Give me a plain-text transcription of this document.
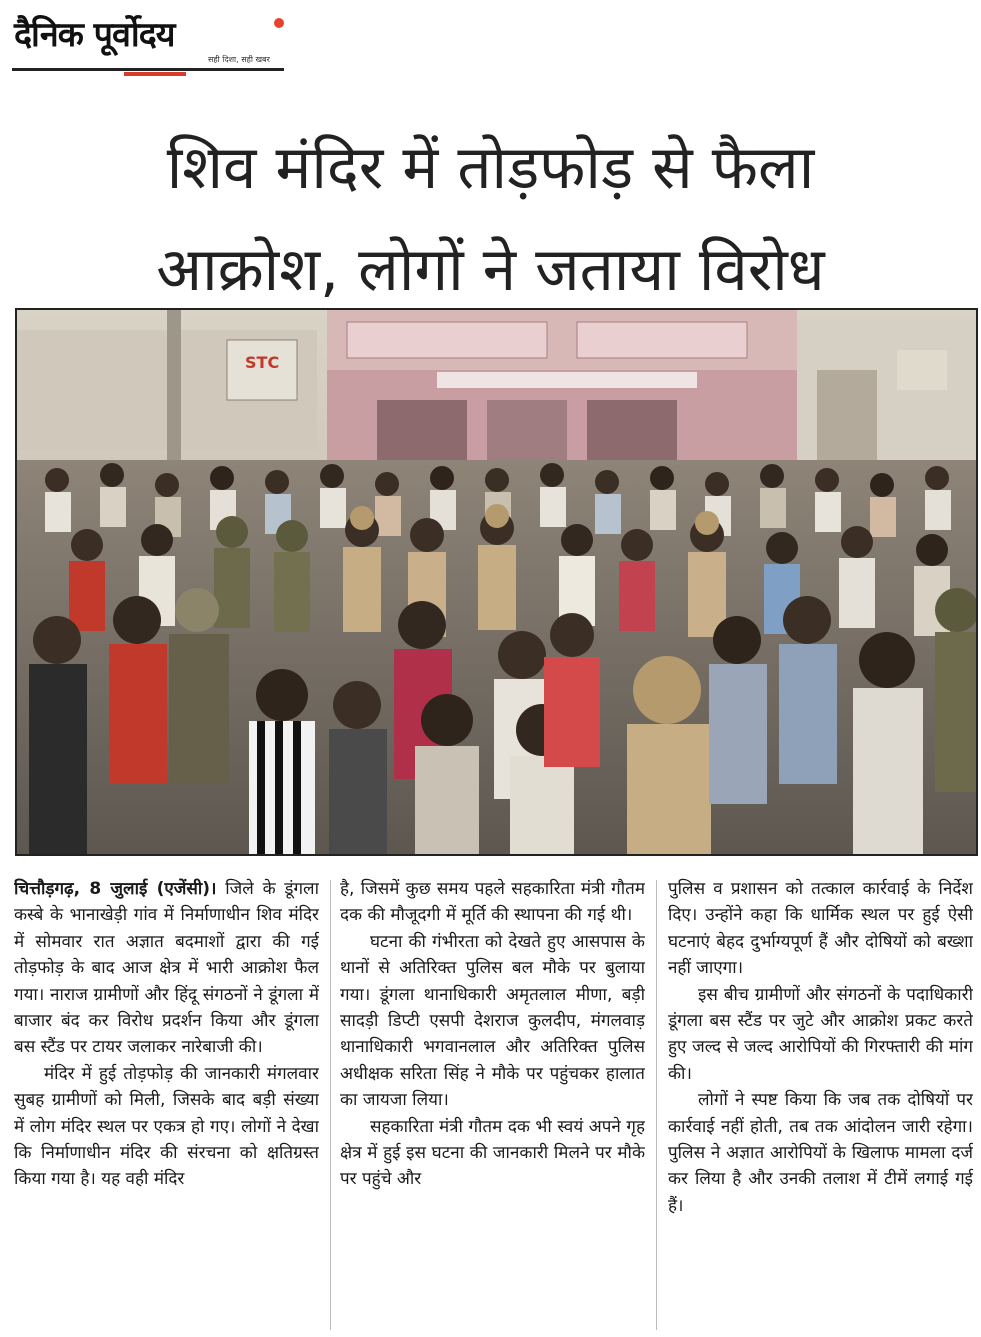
दैनिक पूर्वोदय
सही दिशा, सही खबर
शिव मंदिर में तोड़फोड़ से फैला
आक्रोश, लोगों ने जताया विरोध
STC

चित्तौड़गढ़, 8 जुलाई (एजेंसी)। जिले के डूंगला कस्बे के भानाखेड़ी गांव में निर्माणाधीन शिव मंदिर में सोमवार रात अज्ञात बदमाशों द्वारा की गई तोड़फोड़ के बाद आज क्षेत्र में भारी आक्रोश फैल गया। नाराज ग्रामीणों और हिंदू संगठनों ने डूंगला में बाजार बंद कर विरोध प्रदर्शन किया और डूंगला बस स्टैंड पर टायर जलाकर नारेबाजी की।

मंदिर में हुई तोड़फोड़ की जानकारी मंगलवार सुबह ग्रामीणों को मिली, जिसके बाद बड़ी संख्या में लोग मंदिर स्थल पर एकत्र हो गए। लोगों ने देखा कि निर्माणाधीन मंदिर की संरचना को क्षतिग्रस्त किया गया है। यह वही मंदिर

है, जिसमें कुछ समय पहले सहकारिता मंत्री गौतम दक की मौजूदगी में मूर्ति की स्थापना की गई थी।

घटना की गंभीरता को देखते हुए आसपास के थानों से अतिरिक्त पुलिस बल मौके पर बुलाया गया। डूंगला थानाधिकारी अमृतलाल मीणा, बड़ी सादड़ी डिप्टी एसपी देशराज कुलदीप, मंगलवाड़ थानाधिकारी भगवानलाल और अतिरिक्त पुलिस अधीक्षक सरिता सिंह ने मौके पर पहुंचकर हालात का जायजा लिया।

सहकारिता मंत्री गौतम दक भी स्वयं अपने गृह क्षेत्र में हुई इस घटना की जानकारी मिलने पर मौके पर पहुंचे और

पुलिस व प्रशासन को तत्काल कार्रवाई के निर्देश दिए। उन्होंने कहा कि धार्मिक स्थल पर हुई ऐसी घटनाएं बेहद दुर्भाग्यपूर्ण हैं और दोषियों को बख्शा नहीं जाएगा।

इस बीच ग्रामीणों और संगठनों के पदाधिकारी डूंगला बस स्टैंड पर जुटे और आक्रोश प्रकट करते हुए जल्द से जल्द आरोपियों की गिरफ्तारी की मांग की।

लोगों ने स्पष्ट किया कि जब तक दोषियों पर कार्रवाई नहीं होती, तब तक आंदोलन जारी रहेगा। पुलिस ने अज्ञात आरोपियों के खिलाफ मामला दर्ज कर लिया है और उनकी तलाश में टीमें लगाई गई हैं।
